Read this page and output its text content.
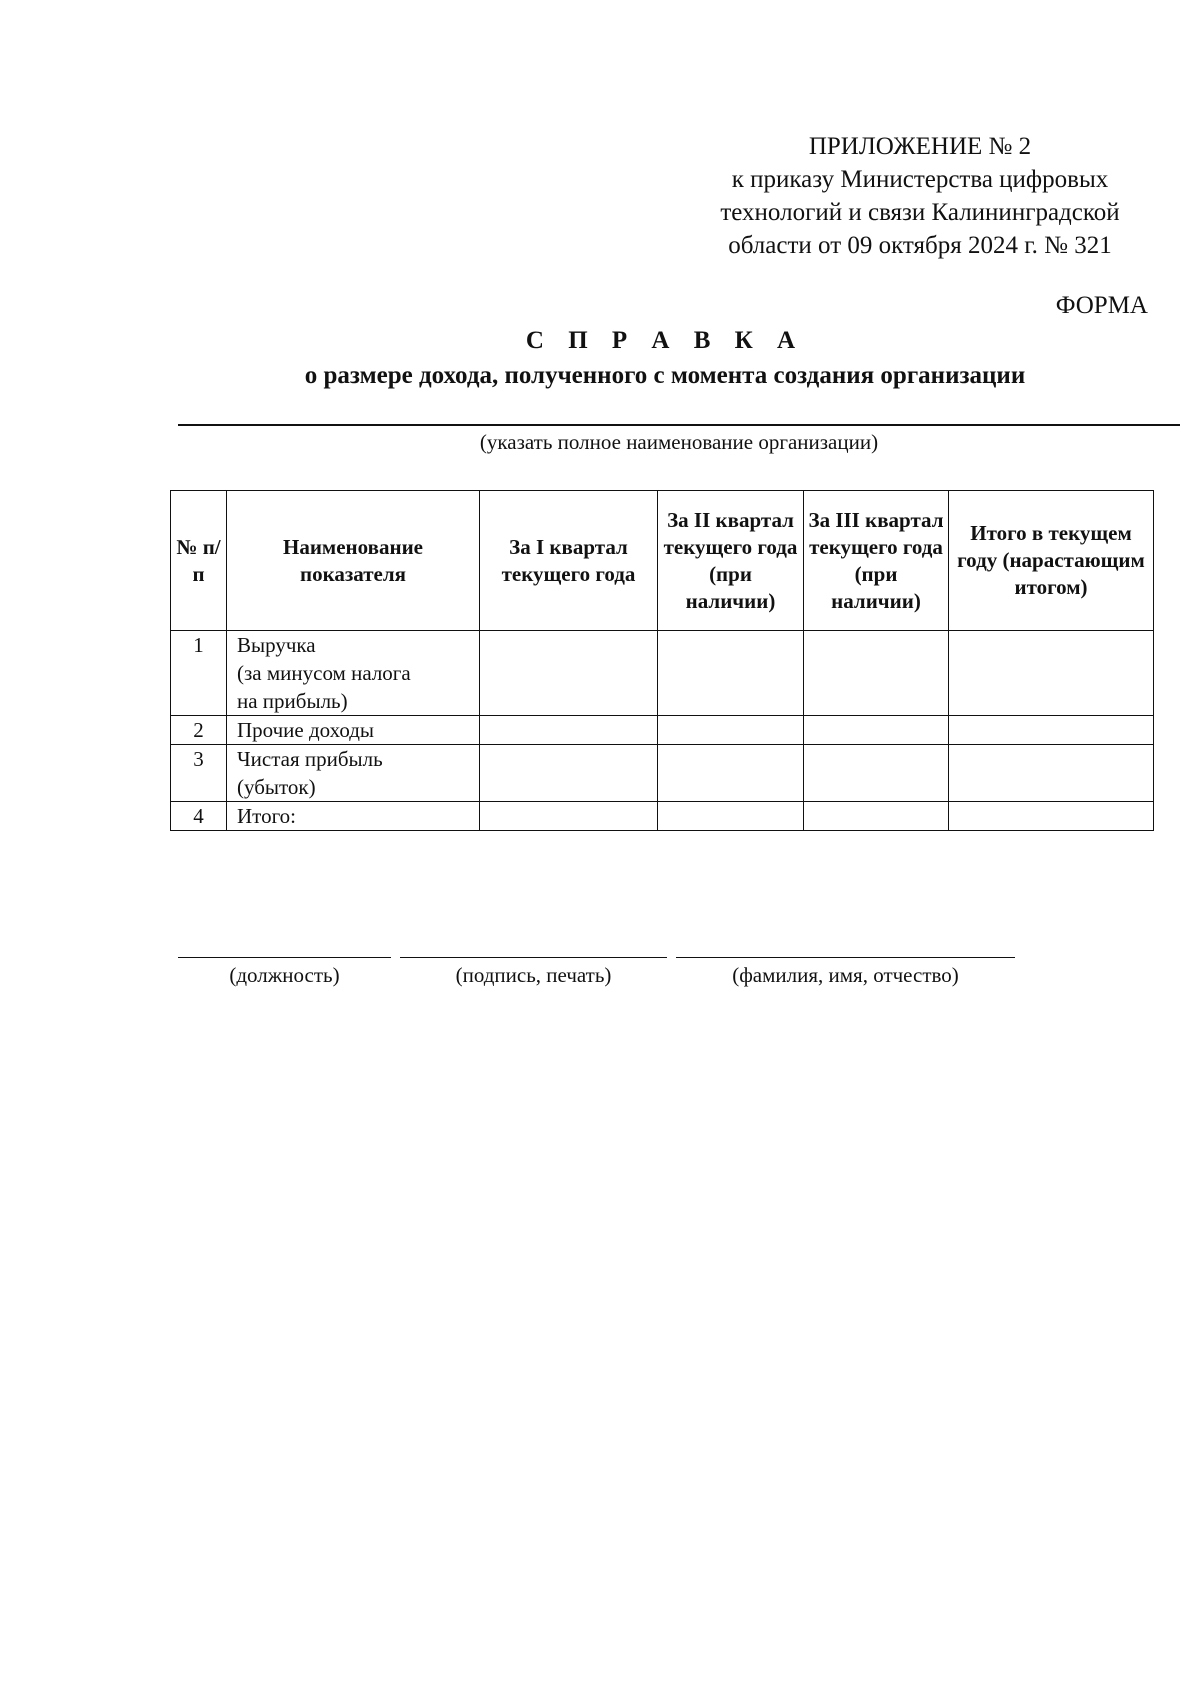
ПРИЛОЖЕНИЕ № 2
к приказу Министерства цифровых
технологий и связи Калининградской
области от 09 октября 2024 г. № 321
ФОРМА
С П Р А В К А
о размере дохода, полученного с момента создания организации
(указать полное наименование организации)
№ п/п	Наименование показателя	За I квартал текущего года	За II квартал текущего года (при наличии)	За III квартал текущего года (при наличии)	Итого в текущем году (нарастающим итогом)
1	Выручка
(за минусом налога
на прибыль)				

2	Прочие доходы				

3	Чистая прибыль
(убыток)				

4	Итого:				

(должность)	(подпись, печать)	(фамилия, имя, отчество)
